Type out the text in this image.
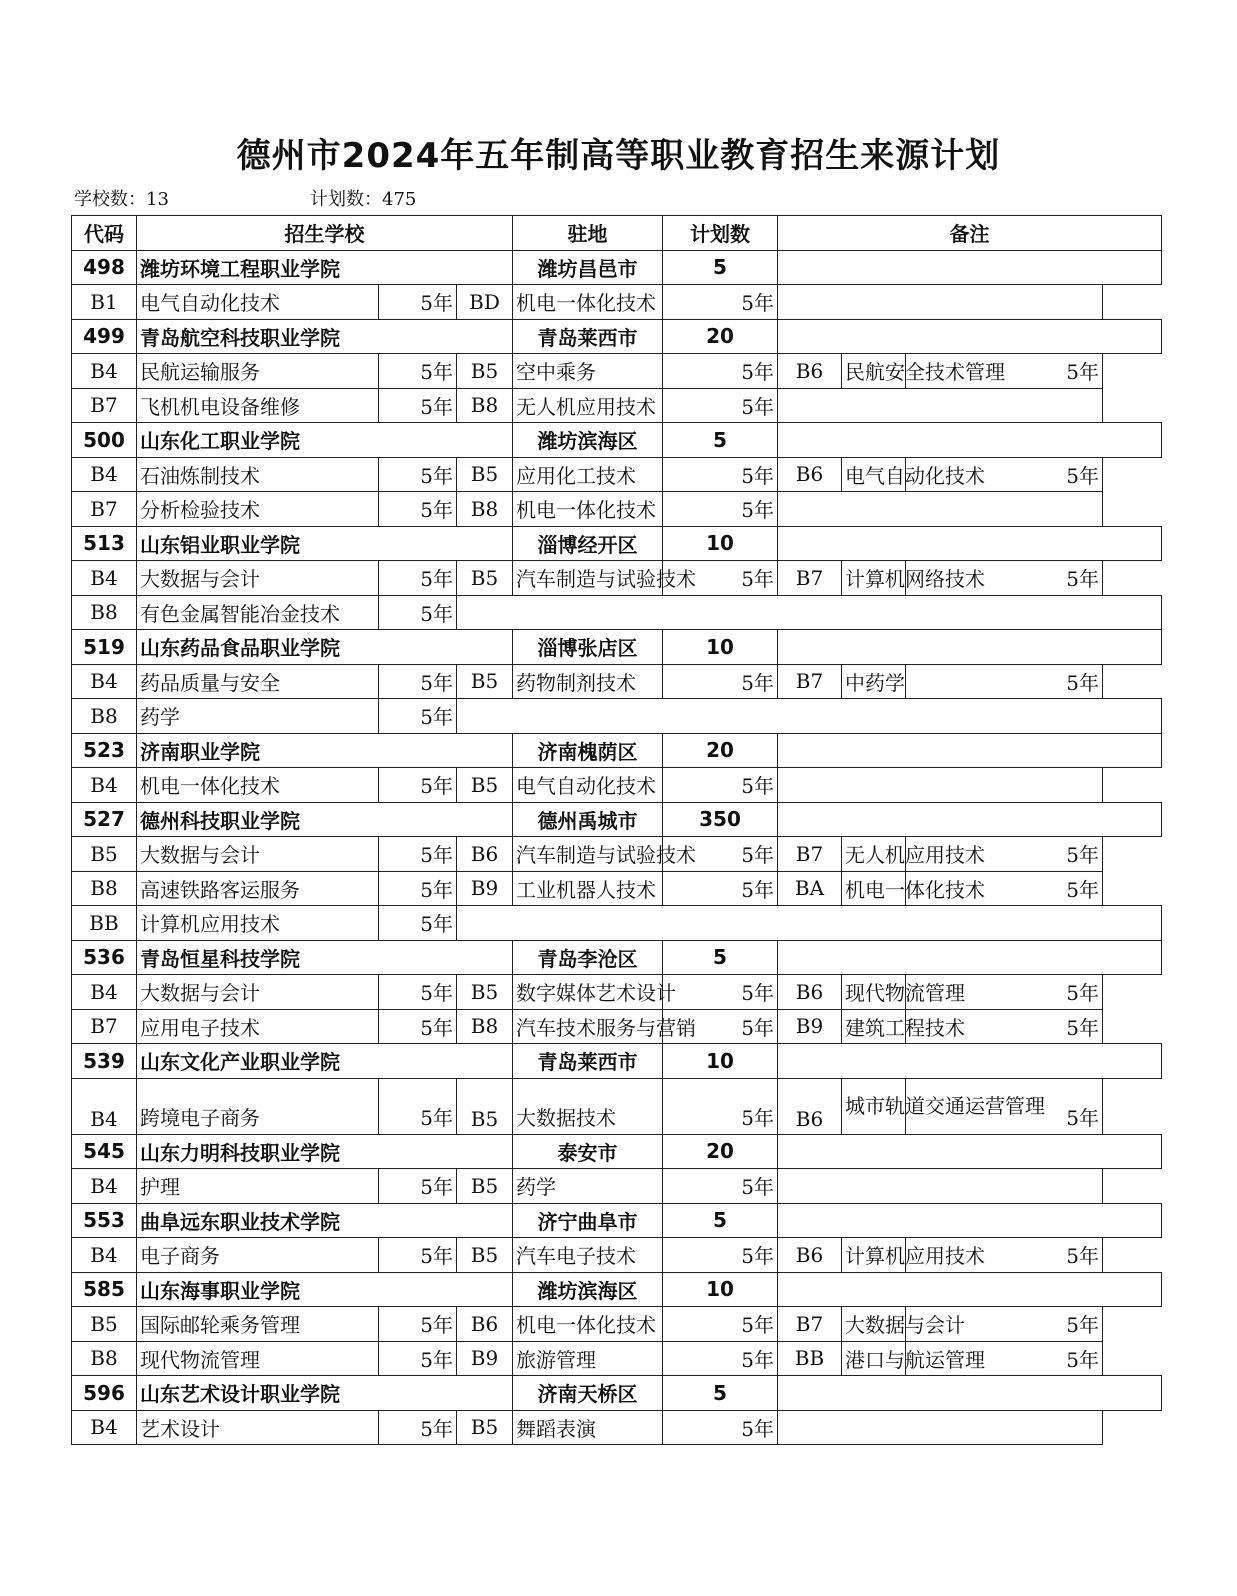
德州市2024年五年制高等职业教育招生来源计划
学校数：13	计划数：475
代码	招生学校			驻地	计划数	备注		
498	潍坊环境工程职业学院			潍坊昌邑市	5			
B1	电气自动化技术	5年	BD	机电一体化技术	5年			
499	青岛航空科技职业学院			青岛莱西市	20			
B4	民航运输服务	5年	B5	空中乘务	5年	B6	民航安全技术管理	5年
B7	飞机机电设备维修	5年	B8	无人机应用技术	5年			
500	山东化工职业学院			潍坊滨海区	5			
B4	石油炼制技术	5年	B5	应用化工技术	5年	B6	电气自动化技术	5年
B7	分析检验技术	5年	B8	机电一体化技术	5年			
513	山东铝业职业学院			淄博经开区	10			
B4	大数据与会计	5年	B5	汽车制造与试验技术	5年	B7	计算机网络技术	5年
B8	有色金属智能冶金技术	5年						
519	山东药品食品职业学院			淄博张店区	10			
B4	药品质量与安全	5年	B5	药物制剂技术	5年	B7	中药学	5年
B8	药学	5年						
523	济南职业学院			济南槐荫区	20			
B4	机电一体化技术	5年	B5	电气自动化技术	5年			
527	德州科技职业学院			德州禹城市	350			
B5	大数据与会计	5年	B6	汽车制造与试验技术	5年	B7	无人机应用技术	5年
B8	高速铁路客运服务	5年	B9	工业机器人技术	5年	BA	机电一体化技术	5年
BB	计算机应用技术	5年						
536	青岛恒星科技学院			青岛李沧区	5			
B4	大数据与会计	5年	B5	数字媒体艺术设计	5年	B6	现代物流管理	5年
B7	应用电子技术	5年	B8	汽车技术服务与营销	5年	B9	建筑工程技术	5年
539	山东文化产业职业学院			青岛莱西市	10			
B4	跨境电子商务	5年	B5	大数据技术	5年	B6	城市轨道交通运营管理	5年
545	山东力明科技职业学院			泰安市	20			
B4	护理	5年	B5	药学	5年			
553	曲阜远东职业技术学院			济宁曲阜市	5			
B4	电子商务	5年	B5	汽车电子技术	5年	B6	计算机应用技术	5年
585	山东海事职业学院			潍坊滨海区	10			
B5	国际邮轮乘务管理	5年	B6	机电一体化技术	5年	B7	大数据与会计	5年
B8	现代物流管理	5年	B9	旅游管理	5年	BB	港口与航运管理	5年
596	山东艺术设计职业学院			济南天桥区	5			
B4	艺术设计	5年	B5	舞蹈表演	5年			
